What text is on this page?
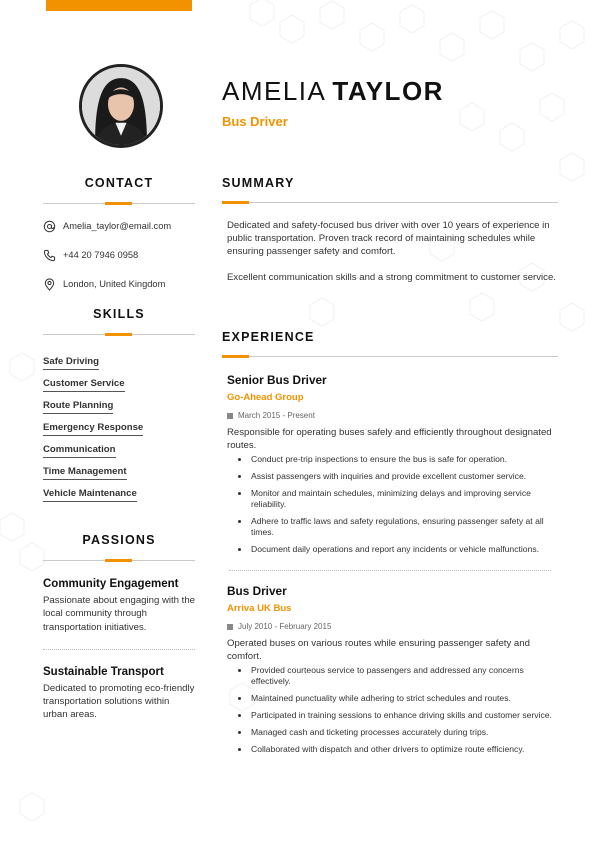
AMELIA TAYLOR
Bus Driver
CONTACT
Amelia_taylor@email.com
+44 20 7946 0958
London, United Kingdom
SKILLS
Safe Driving
Customer Service
Route Planning
Emergency Response
Communication
Time Management
Vehicle Maintenance
PASSIONS
Community Engagement
Passionate about engaging with the local community through transportation initiatives.
Sustainable Transport
Dedicated to promoting eco-friendly transportation solutions within urban areas.
SUMMARY

Dedicated and safety-focused bus driver with over 10 years of experience in public transportation. Proven track record of maintaining schedules while ensuring passenger safety and comfort.

Excellent communication skills and a strong commitment to customer service.

EXPERIENCE
Senior Bus Driver
Go-Ahead Group
March 2015 - Present
Responsible for operating buses safely and efficiently throughout designated routes.
Conduct pre-trip inspections to ensure the bus is safe for operation.
Assist passengers with inquiries and provide excellent customer service.
Monitor and maintain schedules, minimizing delays and improving service reliability.
Adhere to traffic laws and safety regulations, ensuring passenger safety at all times.
Document daily operations and report any incidents or vehicle malfunctions.
Bus Driver
Arriva UK Bus
July 2010 - February 2015
Operated buses on various routes while ensuring passenger safety and comfort.
Provided courteous service to passengers and addressed any concerns effectively.
Maintained punctuality while adhering to strict schedules and routes.
Participated in training sessions to enhance driving skills and customer service.
Managed cash and ticketing processes accurately during trips.
Collaborated with dispatch and other drivers to optimize route efficiency.
